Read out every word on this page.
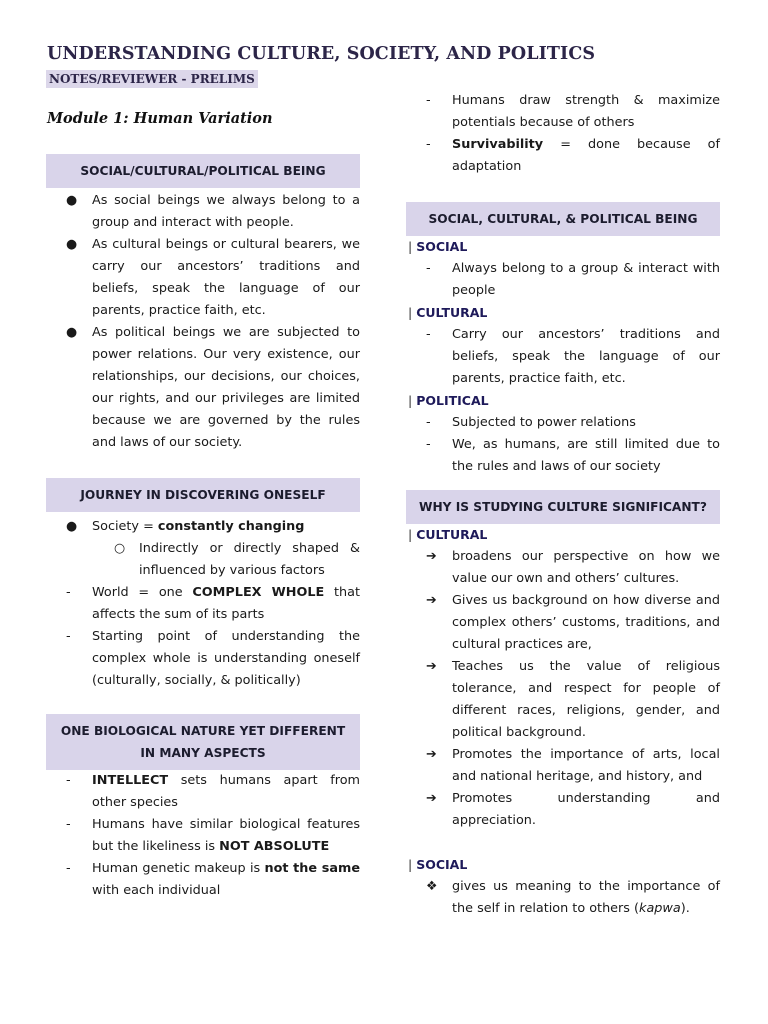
UNDERSTANDING CULTURE, SOCIETY, AND POLITICS
NOTES/REVIEWER - PRELIMS
Module 1: Human Variation
SOCIAL/CULTURAL/POLITICAL BEING
● As social beings we always belong to a group and interact with people.
● As cultural beings or cultural bearers, we carry our ancestors’ traditions and beliefs, speak the language of our parents, practice faith, etc.
● As political beings we are subjected to power relations. Our very existence, our relationships, our decisions, our choices, our rights, and our privileges are limited because we are governed by the rules and laws of our society.
JOURNEY IN DISCOVERING ONESELF
● Society = constantly changing
○ Indirectly or directly shaped & influenced by various factors
- World = one COMPLEX WHOLE that affects the sum of its parts
- Starting point of understanding the complex whole is understanding oneself (culturally, socially, & politically)
ONE BIOLOGICAL NATURE YET DIFFERENT IN MANY ASPECTS
- INTELLECT sets humans apart from other species
- Humans have similar biological features but the likeliness is NOT ABSOLUTE
- Human genetic makeup is not the same with each individual
- Humans draw strength & maximize potentials because of others
- Survivability = done because of adaptation
SOCIAL, CULTURAL, & POLITICAL BEING
| SOCIAL
- Always belong to a group & interact with people
| CULTURAL
- Carry our ancestors’ traditions and beliefs, speak the language of our parents, practice faith, etc.
| POLITICAL
- Subjected to power relations
- We, as humans, are still limited due to the rules and laws of our society
WHY IS STUDYING CULTURE SIGNIFICANT?
| CULTURAL
➔ broadens our perspective on how we value our own and others’ cultures.
➔ Gives us background on how diverse and complex others’ customs, traditions, and cultural practices are,
➔ Teaches us the value of religious tolerance, and respect for people of different races, religions, gender, and political background.
➔ Promotes the importance of arts, local and national heritage, and history, and
➔ Promotes understanding and appreciation.
| SOCIAL
❖ gives us meaning to the importance of the self in relation to others (kapwa).
